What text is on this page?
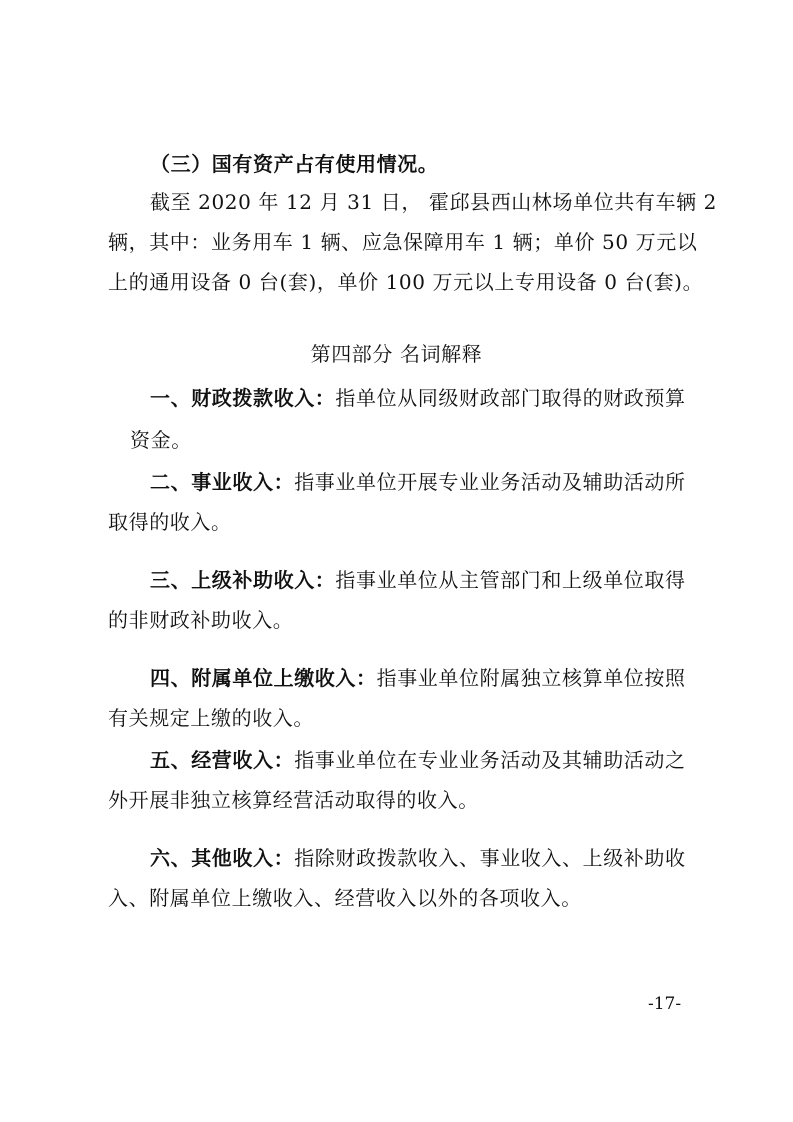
（三）国有资产占有使用情况。
截至 2020 年 12 月 31 日， 霍邱县西山林场单位共有车辆 2
辆，其中：业务用车 1 辆、应急保障用车 1 辆；单价 50 万元以
上的通用设备 0 台(套)，单价 100 万元以上专用设备 0 台(套)。
第四部分 名词解释
一、财政拨款收入：指单位从同级财政部门取得的财政预算
资金。
二、事业收入：指事业单位开展专业业务活动及辅助活动所
取得的收入。
三、上级补助收入：指事业单位从主管部门和上级单位取得
的非财政补助收入。
四、附属单位上缴收入：指事业单位附属独立核算单位按照
有关规定上缴的收入。
五、经营收入：指事业单位在专业业务活动及其辅助活动之
外开展非独立核算经营活动取得的收入。
六、其他收入：指除财政拨款收入、事业收入、上级补助收
入、附属单位上缴收入、经营收入以外的各项收入。
-17-
